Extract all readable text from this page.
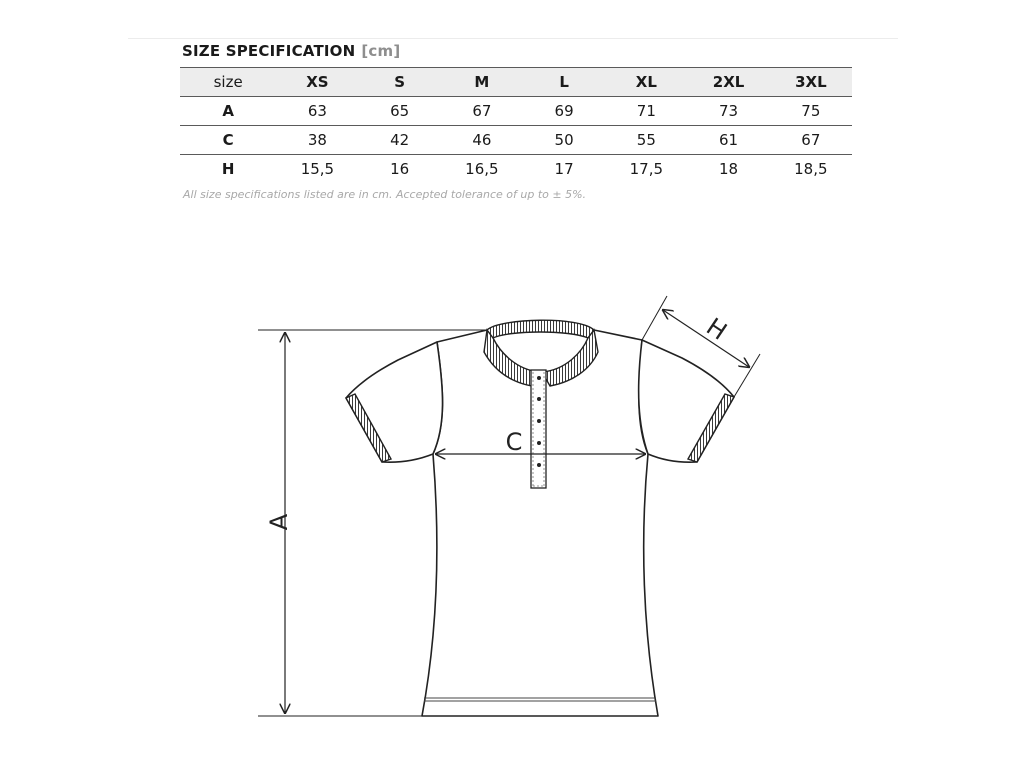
SIZE SPECIFICATION [cm]
size	XS	S	M	L	XL	2XL	3XL
A	63	65	67	69	71	73	75
C	38	42	46	50	55	61	67
H	15,5	16	16,5	17	17,5	18	18,5
All size specifications listed are in cm. Accepted tolerance of up to ± 5%.
A
C
H
